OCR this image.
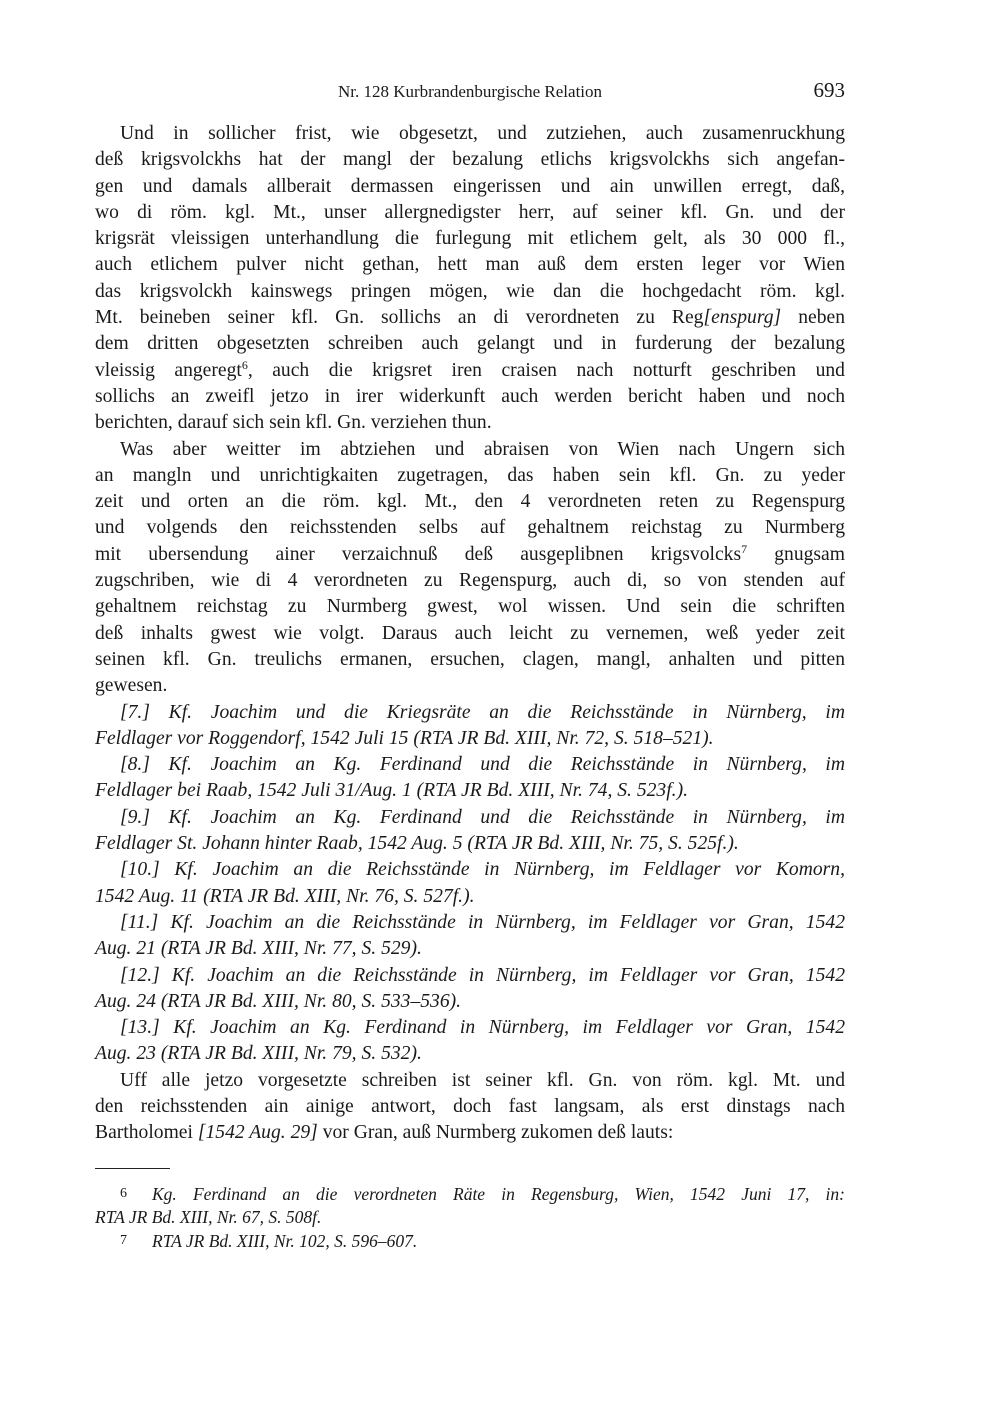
Nr. 128 Kurbrandenburgische Relation	693
Und in sollicher frist, wie obgesetzt, und zutziehen, auch zusamenruckhung
deß krigsvolckhs hat der mangl der bezalung etlichs krigsvolckhs sich angefan-
gen und damals allberait dermassen eingerissen und ain unwillen erregt, daß,
wo di röm. kgl. Mt., unser allergnedigster herr, auf seiner kfl. Gn. und der
krigsrät vleissigen unterhandlung die furlegung mit etlichem gelt, als 30 000 fl.,
auch etlichem pulver nicht gethan, hett man auß dem ersten leger vor Wien
das krigsvolckh kainswegs pringen mögen, wie dan die hochgedacht röm. kgl.
Mt. beineben seiner kfl. Gn. sollichs an di verordneten zu Reg[enspurg] neben
dem dritten obgesetzten schreiben auch gelangt und in furderung der bezalung
vleissig angeregt$^6$, auch die krigsret iren craisen nach notturft geschriben und
sollichs an zweifl jetzo in irer widerkunft auch werden bericht haben und noch
berichten, darauf sich sein kfl. Gn. verziehen thun.
Was aber weitter im abtziehen und abraisen von Wien nach Ungern sich
an mangln und unrichtigkaiten zugetragen, das haben sein kfl. Gn. zu yeder
zeit und orten an die röm. kgl. Mt., den 4 verordneten reten zu Regenspurg
und volgends den reichsstenden selbs auf gehaltnem reichstag zu Nurmberg
mit ubersendung ainer verzaichnuß deß ausgeplibnen krigsvolcks$^7$ gnugsam
zugschriben, wie di 4 verordneten zu Regenspurg, auch di, so von stenden auf
gehaltnem reichstag zu Nurmberg gwest, wol wissen. Und sein die schriften
deß inhalts gwest wie volgt. Daraus auch leicht zu vernemen, weß yeder zeit
seinen kfl. Gn. treulichs ermanen, ersuchen, clagen, mangl, anhalten und pitten
gewesen.
[7.] Kf. Joachim und die Kriegsräte an die Reichsstände in Nürnberg, im
Feldlager vor Roggendorf, 1542 Juli 15 (RTA JR Bd. XIII, Nr. 72, S. 518–521).
[8.] Kf. Joachim an Kg. Ferdinand und die Reichsstände in Nürnberg, im
Feldlager bei Raab, 1542 Juli 31/Aug. 1 (RTA JR Bd. XIII, Nr. 74, S. 523f.).
[9.] Kf. Joachim an Kg. Ferdinand und die Reichsstände in Nürnberg, im
Feldlager St. Johann hinter Raab, 1542 Aug. 5 (RTA JR Bd. XIII, Nr. 75, S. 525f.).
[10.] Kf. Joachim an die Reichsstände in Nürnberg, im Feldlager vor Komorn,
1542 Aug. 11 (RTA JR Bd. XIII, Nr. 76, S. 527f.).
[11.] Kf. Joachim an die Reichsstände in Nürnberg, im Feldlager vor Gran, 1542
Aug. 21 (RTA JR Bd. XIII, Nr. 77, S. 529).
[12.] Kf. Joachim an die Reichsstände in Nürnberg, im Feldlager vor Gran, 1542
Aug. 24 (RTA JR Bd. XIII, Nr. 80, S. 533–536).
[13.] Kf. Joachim an Kg. Ferdinand in Nürnberg, im Feldlager vor Gran, 1542
Aug. 23 (RTA JR Bd. XIII, Nr. 79, S. 532).
Uff alle jetzo vorgesetzte schreiben ist seiner kfl. Gn. von röm. kgl. Mt. und
den reichsstenden ain ainige antwort, doch fast langsam, als erst dinstags nach
Bartholomei [1542 Aug. 29] vor Gran, auß Nurmberg zukomen deß lauts:
6 Kg. Ferdinand an die verordneten Räte in Regensburg, Wien, 1542 Juni 17, in:
RTA JR Bd. XIII, Nr. 67, S. 508f.
7 RTA JR Bd. XIII, Nr. 102, S. 596–607.
